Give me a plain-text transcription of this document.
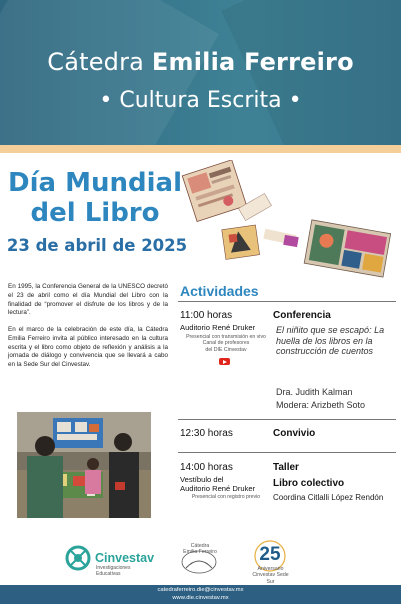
Cátedra Emilia Ferreiro
• Cultura Escrita •
Día Mundial
del Libro
23 de abril de 2025

En 1995, la Conferencia General de la UNESCO decretó el 23 de abril como el día Mundial del Libro con la finalidad de “promover el disfrute de los libros y de la lectura”.

En el marco de la celebración de este día, la Cátedra Emilia Ferreiro invita al público interesado en la cultura escrita y el libro como objeto de reflexión y análisis a la jornada de diálogo y convivencia que se llevará a cabo en la Sede Sur del Cinvestav.

Actividades
11:00 horas
Auditorio René Druker
Presencial con transmisión en vivo
Canal de profesores
del DIE Cinvestav
Conferencia
El niñito que se escapó: La huella de los libros en la construcción de cuentos
Dra. Judith Kalman
Modera: Arizbeth Soto
12:30 horas	Convivio
14:00 horas
Vestíbulo del
Auditorio René Druker
Presencial con registro previo
Taller
Libro colectivo
Coordina Citlalli López Rendón
Cinvestav
Investigaciones
Educativas
Cátedra
Emilia Ferreiro 25
Aniversario
Cinvestav Sede Sur
catedraferreiro.die@cinvestav.mx
www.die.cinvestav.mx
